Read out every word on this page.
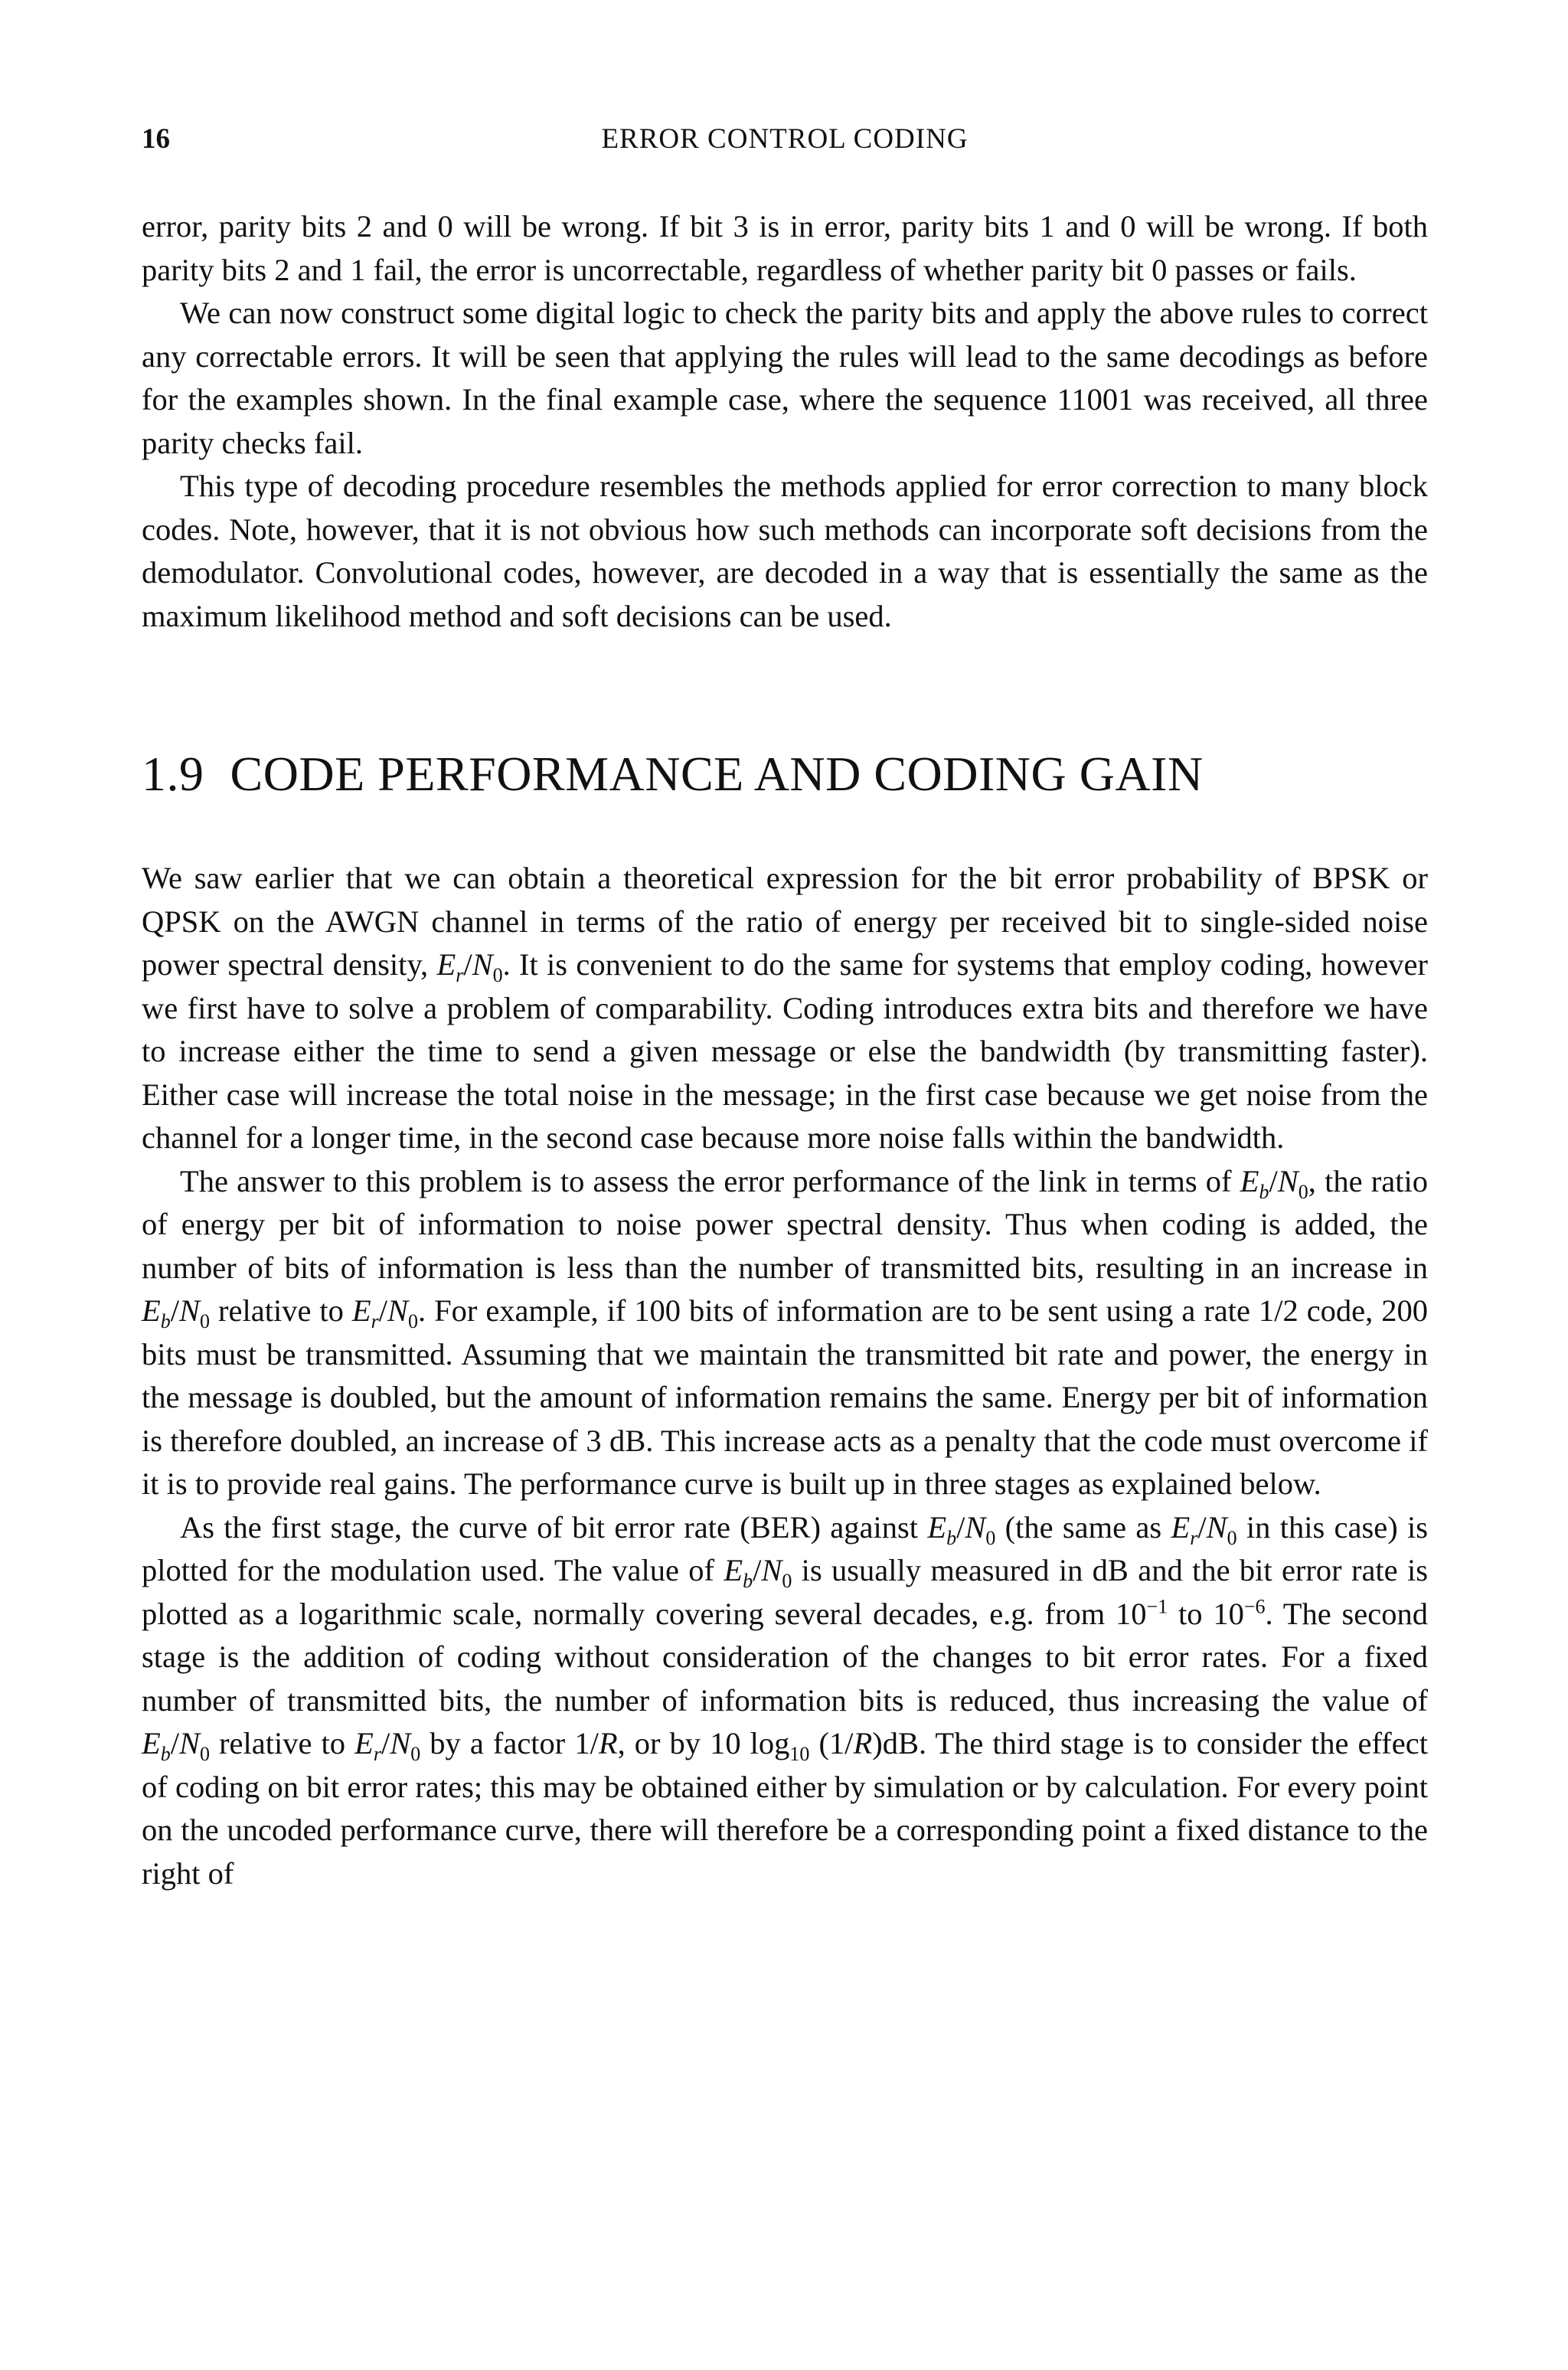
16	ERROR CONTROL CODING

error, parity bits 2 and 0 will be wrong. If bit 3 is in error, parity bits 1 and 0 will be wrong. If both parity bits 2 and 1 fail, the error is uncorrectable, regardless of whether parity bit 0 passes or fails.

We can now construct some digital logic to check the parity bits and apply the above rules to correct any correctable errors. It will be seen that applying the rules will lead to the same decodings as before for the examples shown. In the final example case, where the sequence 11001 was received, all three parity checks fail.

This type of decoding procedure resembles the methods applied for error correction to many block codes. Note, however, that it is not obvious how such methods can incorporate soft decisions from the demodulator. Convolutional codes, however, are decoded in a way that is essentially the same as the maximum likelihood method and soft decisions can be used.

1.9 CODE PERFORMANCE AND CODING GAIN

We saw earlier that we can obtain a theoretical expression for the bit error probability of BPSK or QPSK on the AWGN channel in terms of the ratio of energy per received bit to single-sided noise power spectral density, $E_r/N_0$. It is convenient to do the same for systems that employ coding, however we first have to solve a problem of comparability. Coding introduces extra bits and therefore we have to increase either the time to send a given message or else the bandwidth (by transmitting faster). Either case will increase the total noise in the message; in the first case because we get noise from the channel for a longer time, in the second case because more noise falls within the bandwidth.

The answer to this problem is to assess the error performance of the link in terms of $E_b/N_0$, the ratio of energy per bit of information to noise power spectral density. Thus when coding is added, the number of bits of information is less than the number of transmitted bits, resulting in an increase in $E_b/N_0$ relative to $E_r/N_0$. For example, if 100 bits of information are to be sent using a rate 1/2 code, 200 bits must be transmitted. Assuming that we maintain the transmitted bit rate and power, the energy in the message is doubled, but the amount of information remains the same. Energy per bit of information is therefore doubled, an increase of 3 dB. This increase acts as a penalty that the code must overcome if it is to provide real gains. The performance curve is built up in three stages as explained below.

As the first stage, the curve of bit error rate (BER) against $E_b/N_0$ (the same as $E_r/N_0$ in this case) is plotted for the modulation used. The value of $E_b/N_0$ is usually measured in dB and the bit error rate is plotted as a logarithmic scale, normally covering several decades, e.g. from $10^{-1}$ to $10^{-6}$. The second stage is the addition of coding without consideration of the changes to bit error rates. For a fixed number of transmitted bits, the number of information bits is reduced, thus increasing the value of $E_b/N_0$ relative to $E_r/N_0$ by a factor 1/R, or by 10 $\log_{10} (1/R)dB$. The third stage is to consider the effect of coding on bit error rates; this may be obtained either by simulation or by calculation. For every point on the uncoded performance curve, there will therefore be a corresponding point a fixed distance to the right of
